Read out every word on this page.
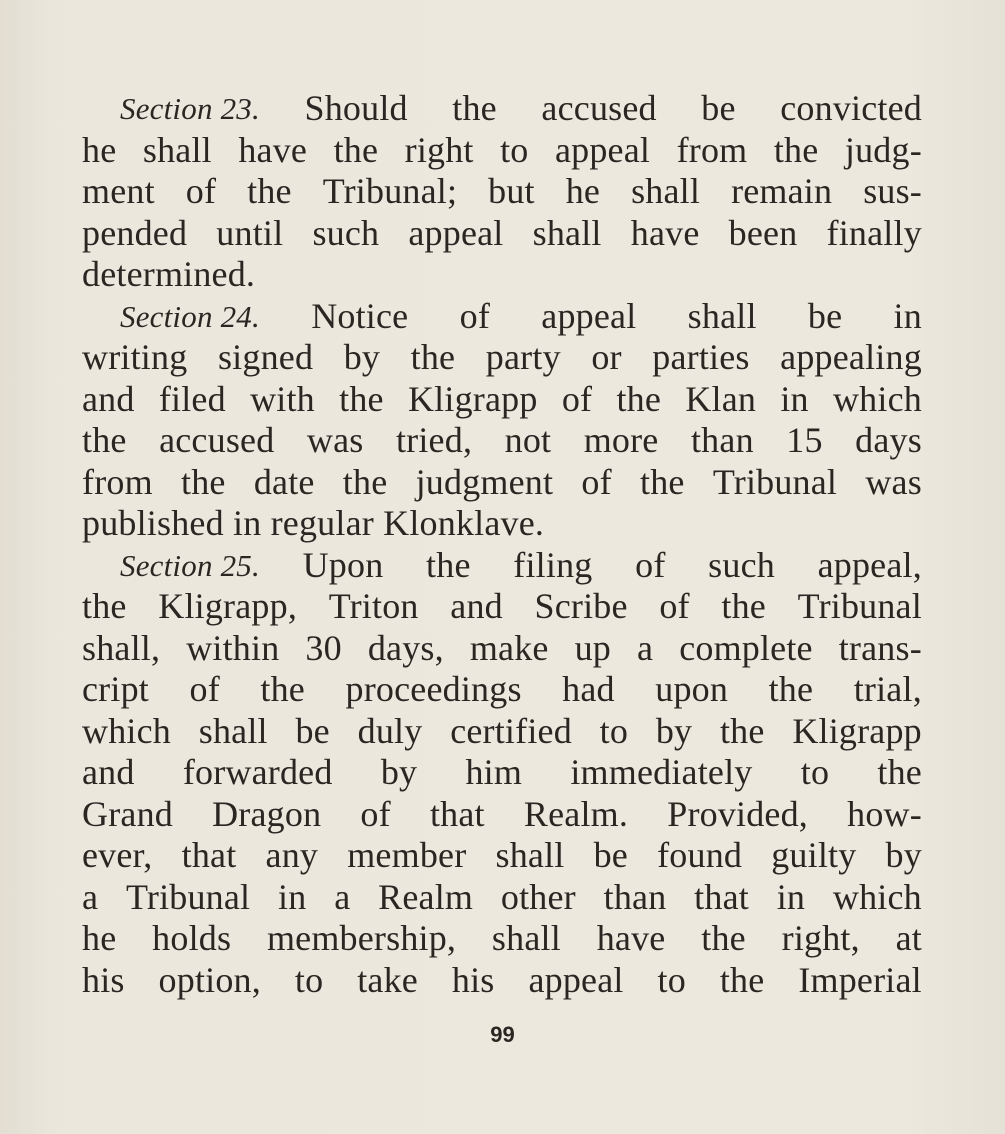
Section 23. Should the accused be convicted
he shall have the right to appeal from the judg-
ment of the Tribunal; but he shall remain sus-
pended until such appeal shall have been finally
determined.
Section 24. Notice of appeal shall be in
writing signed by the party or parties appealing
and filed with the Kligrapp of the Klan in which
the accused was tried, not more than 15 days
from the date the judgment of the Tribunal was
published in regular Klonklave.
Section 25. Upon the filing of such appeal,
the Kligrapp, Triton and Scribe of the Tribunal
shall, within 30 days, make up a complete trans-
cript of the proceedings had upon the trial,
which shall be duly certified to by the Kligrapp
and forwarded by him immediately to the
Grand Dragon of that Realm. Provided, how-
ever, that any member shall be found guilty by
a Tribunal in a Realm other than that in which
he holds membership, shall have the right, at
his option, to take his appeal to the Imperial
99
